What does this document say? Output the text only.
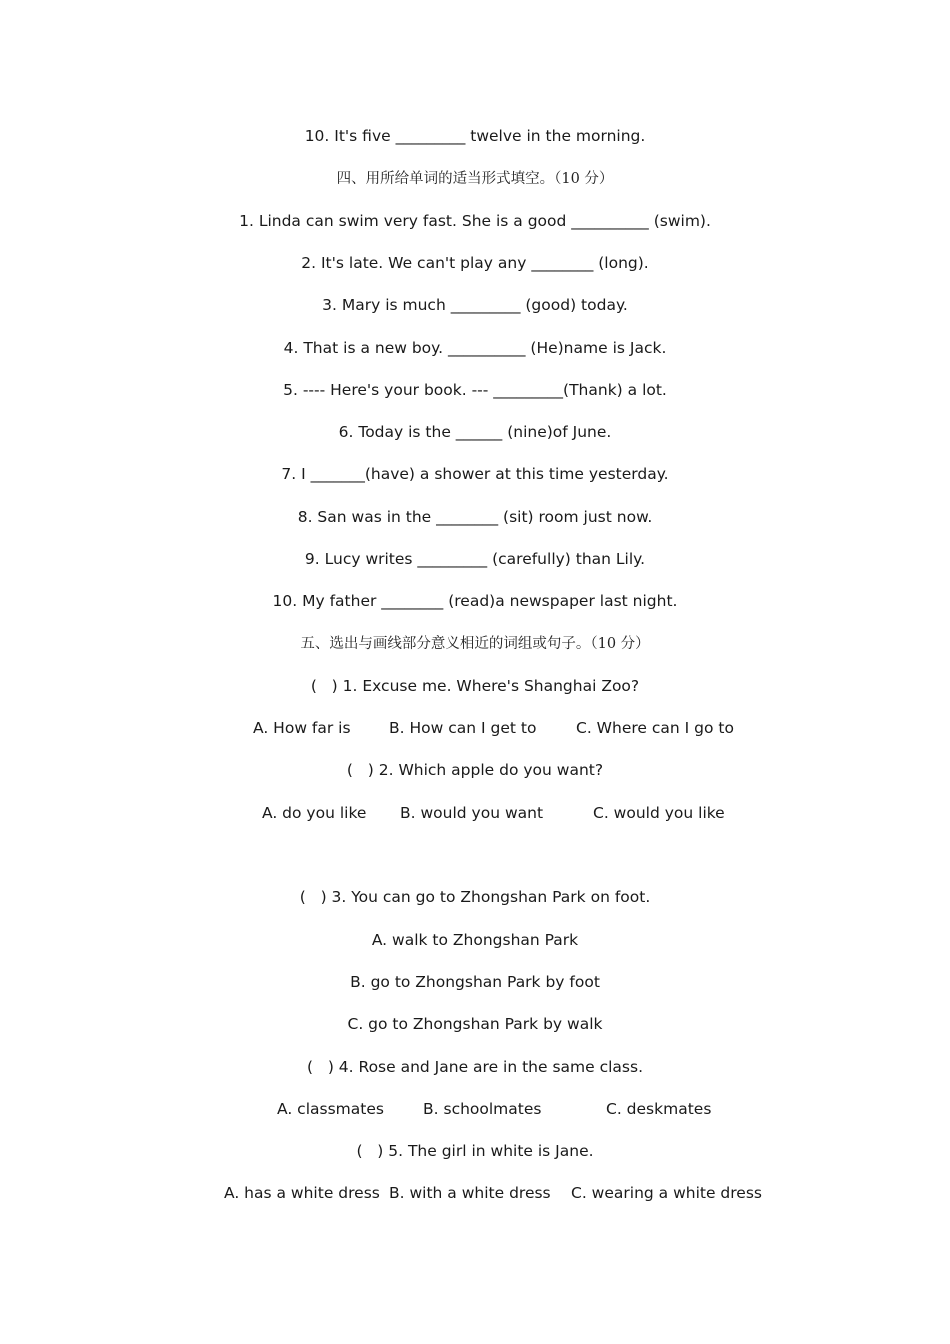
10. It's five _________ twelve in the morning.
四、用所给单词的适当形式填空。（10 分）
1. Linda can swim very fast. She is a good __________ (swim).
2. It's late. We can't play any ________ (long).
3. Mary is much _________ (good) today.
4. That is a new boy. __________ (He)name is Jack.
5. ---- Here's your book. --- _________(Thank) a lot.
6. Today is the ______ (nine)of June.
7. I _______(have) a shower at this time yesterday.
8. San was in the ________ (sit) room just now.
9. Lucy writes _________ (carefully) than Lily.
10. My father ________ (read)a newspaper last night.
五、选出与画线部分意义相近的词组或句子。（10 分）
(   ) 1. Excuse me. Where's Shanghai Zoo?
A. How far is B. How can I get to	C. Where can I go to
(   ) 2. Which apple do you want?
A. do you like B. would you want	C. would you like
(   ) 3. You can go to Zhongshan Park on foot.
A. walk to Zhongshan Park
B. go to Zhongshan Park by foot
C. go to Zhongshan Park by walk
(   ) 4. Rose and Jane are in the same class.
A. classmates	B. schoolmates	C. deskmates
(   ) 5. The girl in white is Jane.
A. has a white dress B. with a white dress C. wearing a white dress
